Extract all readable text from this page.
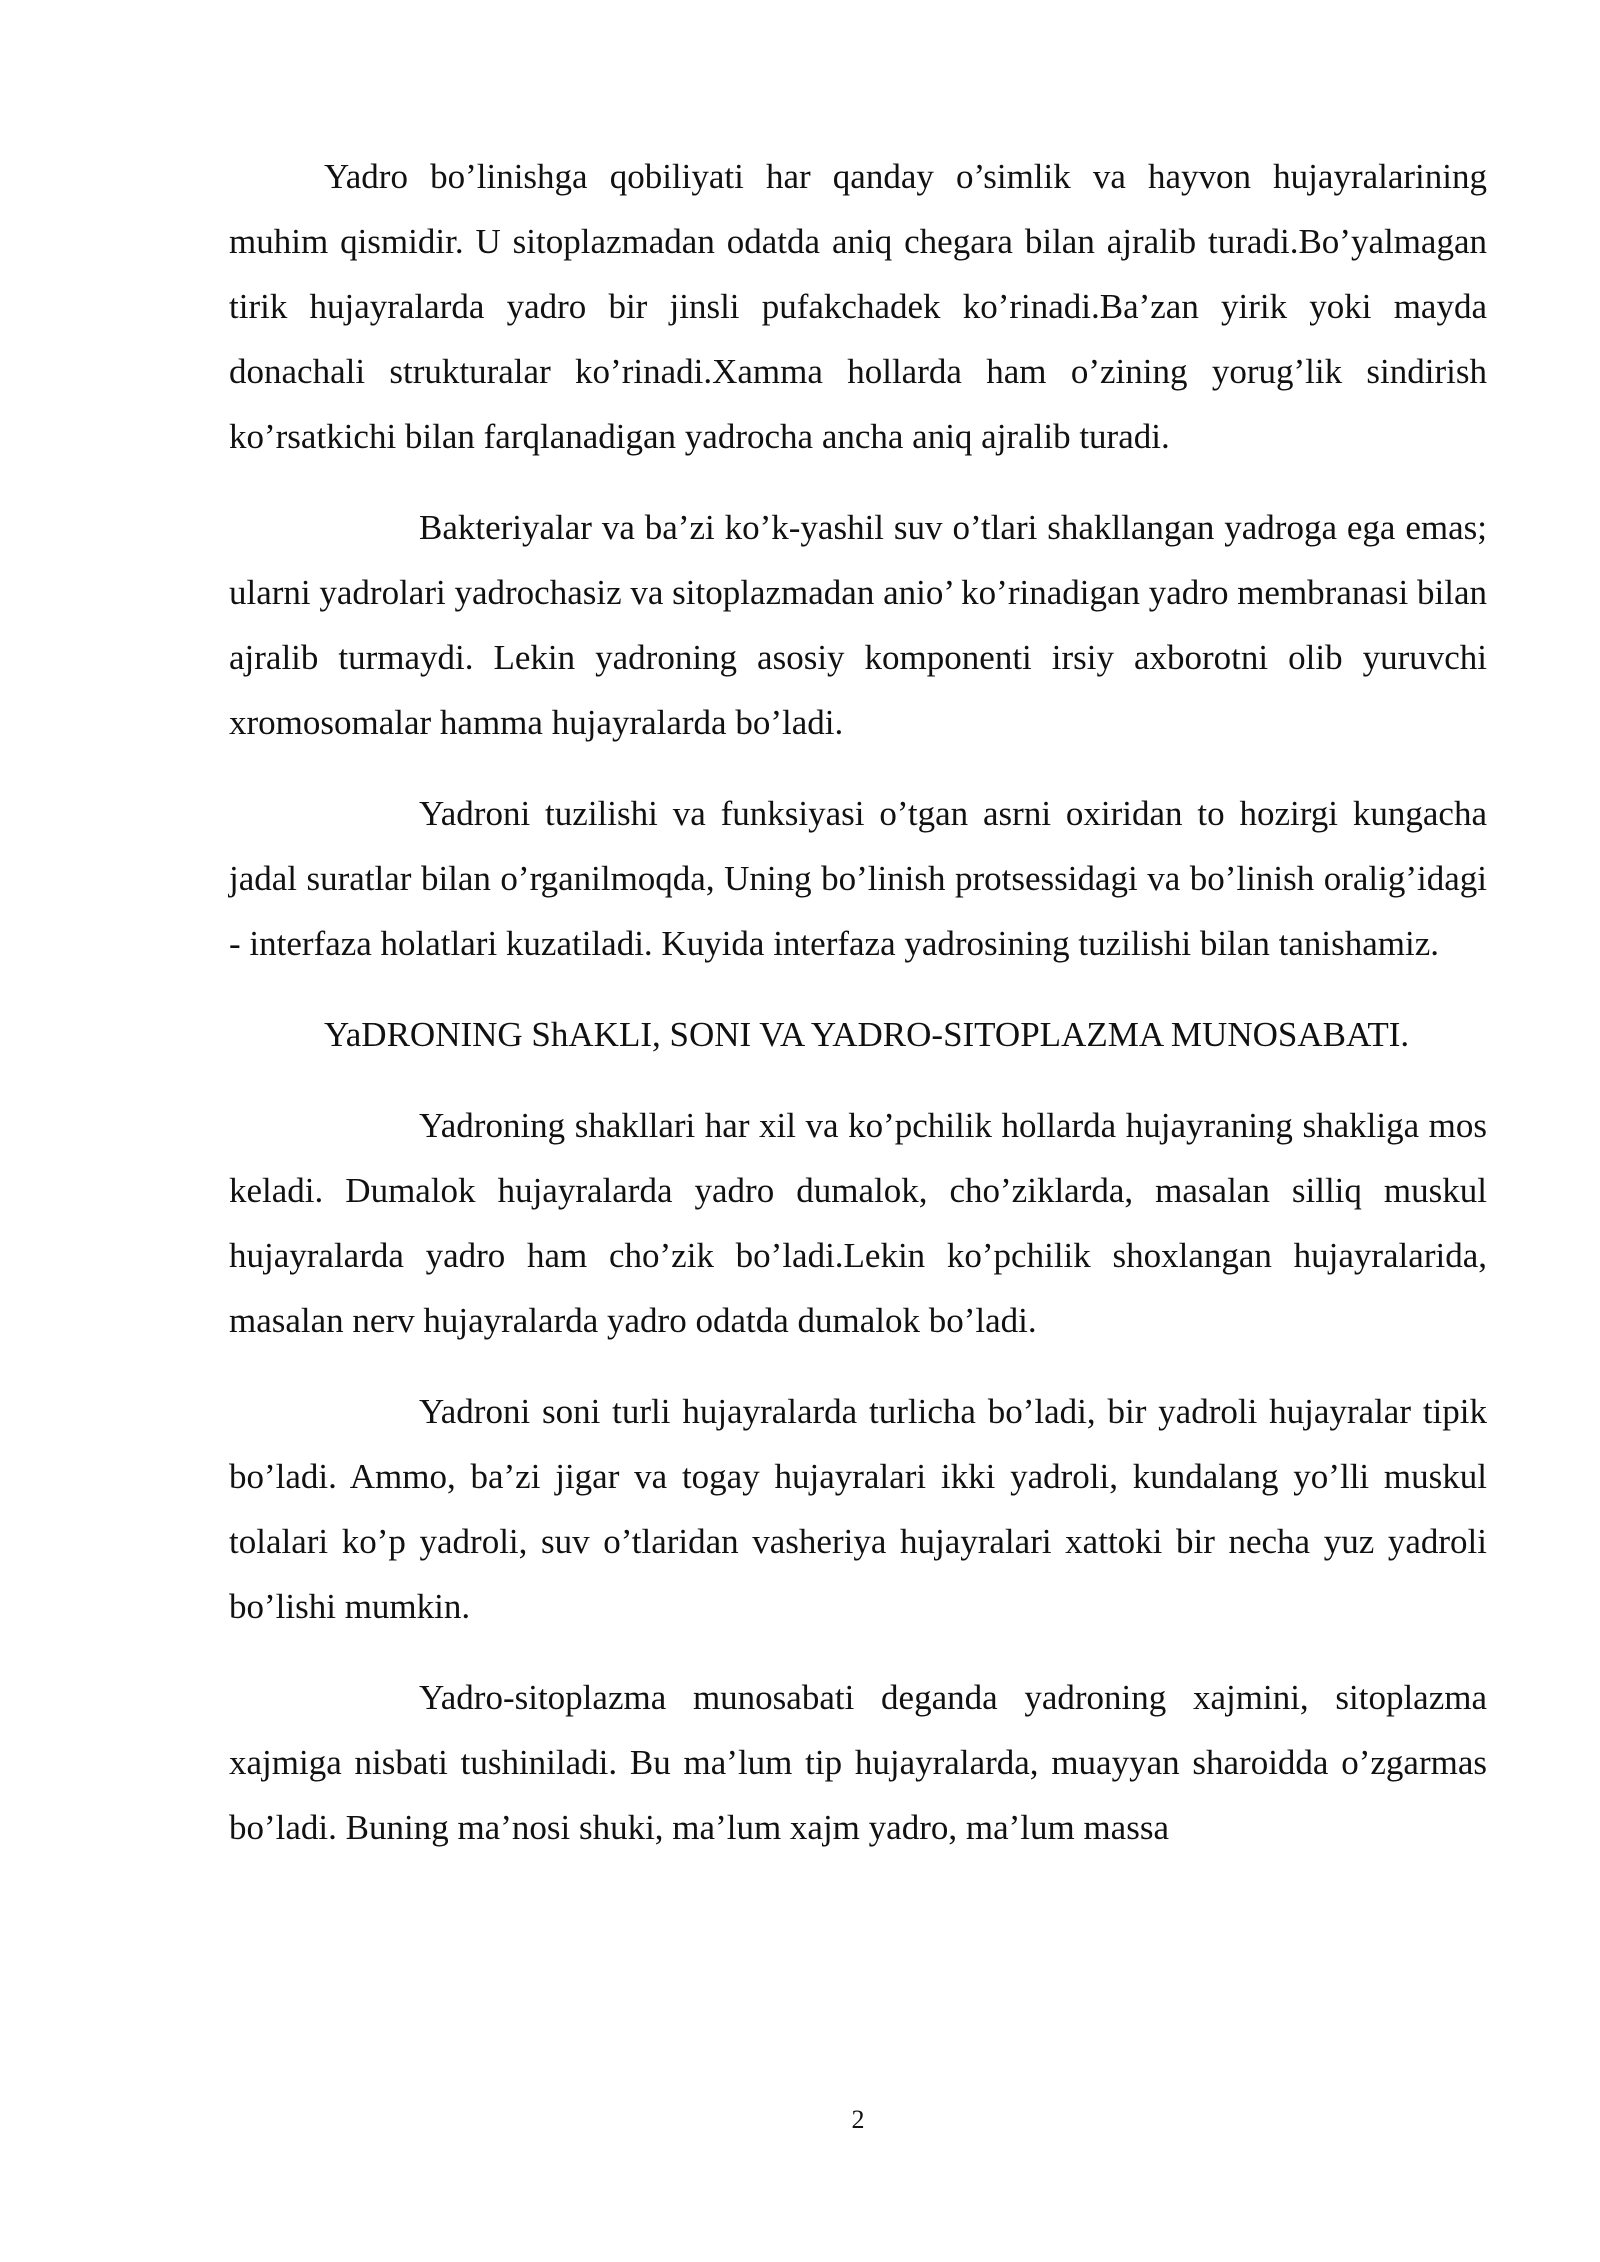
Yadro bo’linishga qobiliyati har qanday o’simlik va hayvon hujayralarining muhim qismidir. U sitoplazmadan odatda aniq chegara bilan ajralib turadi.Bo’yalmagan tirik hujayralarda yadro bir jinsli pufakchadek ko’rinadi.Ba’zan yirik yoki mayda donachali strukturalar ko’rinadi.Xamma hollarda ham o’zining yorug’lik sindirish ko’rsatkichi bilan farqlanadigan yadrocha ancha aniq ajralib turadi.

Bakteriyalar va ba’zi ko’k-yashil suv o’tlari shakllangan yadroga ega emas; ularni yadrolari yadrochasiz va sitoplazmadan anio’ ko’rinadigan yadro membranasi bilan ajralib turmaydi. Lekin yadroning asosiy komponenti irsiy axborotni olib yuruvchi xromosomalar hamma hujayralarda bo’ladi.

Yadroni tuzilishi va funksiyasi o’tgan asrni oxiridan to hozirgi kungacha jadal suratlar bilan o’rganilmoqda, Uning bo’linish protsessidagi va bo’linish oralig’idagi - interfaza holatlari kuzatiladi. Kuyida interfaza yadrosining tuzilishi bilan tanishamiz.

YaDRONING ShAKLI, SONI VA YADRO-SITOPLAZMA MUNOSABATI.

Yadroning shakllari har xil va ko’pchilik hollarda hujayraning shakliga mos keladi. Dumalok hujayralarda yadro dumalok, cho’ziklarda, masalan silliq muskul hujayralarda yadro ham cho’zik bo’ladi.Lekin ko’pchilik shoxlangan hujayralarida, masalan nerv hujayralarda yadro odatda dumalok bo’ladi.

Yadroni soni turli hujayralarda turlicha bo’ladi, bir yadroli hujayralar tipik bo’ladi. Ammo, ba’zi jigar va togay hujayralari ikki yadroli, kundalang yo’lli muskul tolalari ko’p yadroli, suv o’tlaridan vasheriya hujayralari xattoki bir necha yuz yadroli bo’lishi mumkin.

Yadro-sitoplazma munosabati deganda yadroning xajmini, sitoplazma xajmiga nisbati tushiniladi. Bu ma’lum tip hujayralarda, muayyan sharoidda o’zgarmas bo’ladi. Buning ma’nosi shuki, ma’lum xajm yadro, ma’lum massa

2
